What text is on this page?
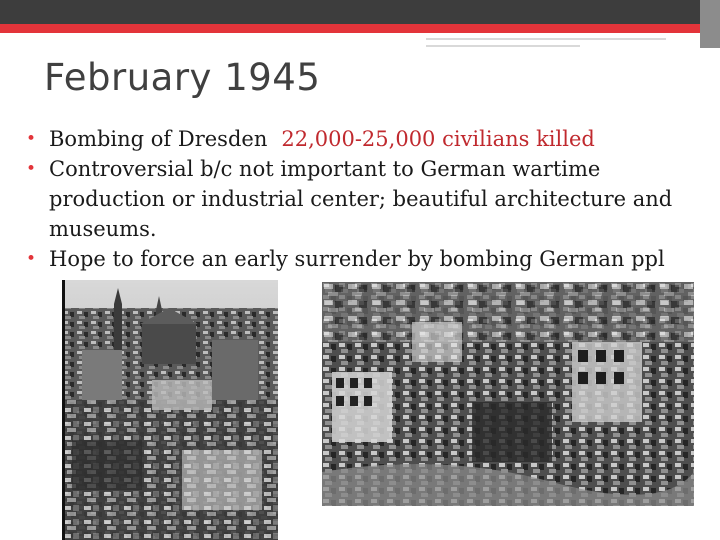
February 1945
• Bombing of Dresden 22,000-25,000 civilians killed
• Controversial b/c not important to German wartime production or industrial center; beautiful architecture and museums.
• Hope to force an early surrender by bombing German ppl
